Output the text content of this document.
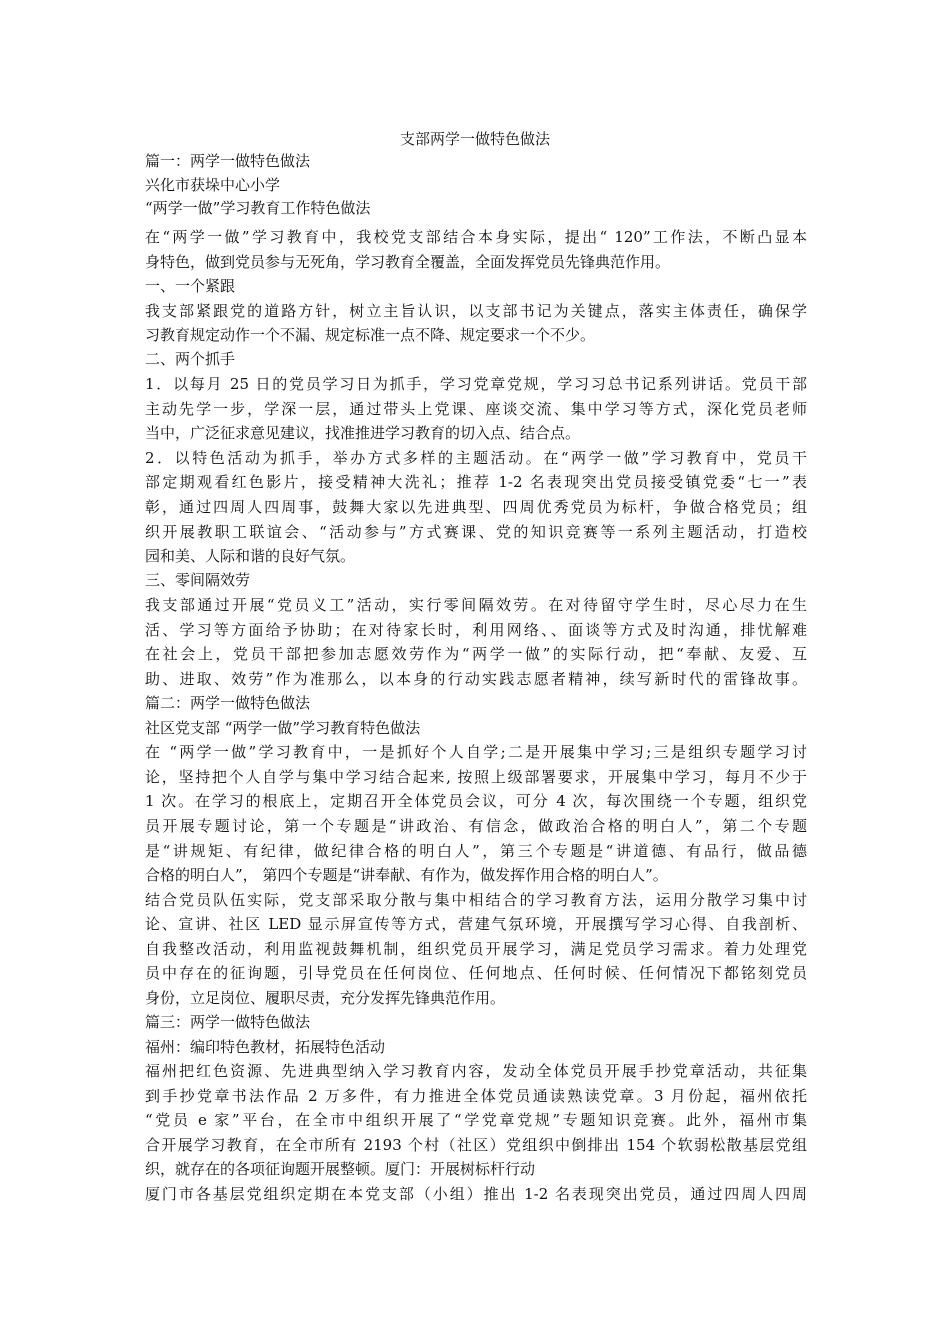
支部两学一做特色做法
篇一：两学一做特色做法
兴化市获垛中心小学
“两学一做”学习教育工作特色做法
在“两学一做”学习教育中，我校党支部结合本身实际，提出“ 120”工作法，不断凸显本
身特色，做到党员参与无死角，学习教育全覆盖，全面发挥党员先锋典范作用。
一、一个紧跟
我支部紧跟党的道路方针，树立主旨认识，以支部书记为关键点，落实主体责任，确保学
习教育规定动作一个不漏、规定标准一点不降、规定要求一个不少。
二、两个抓手
1．以每月 25 日的党员学习日为抓手，学习党章党规，学习习总书记系列讲话。党员干部
主动先学一步，学深一层，通过带头上党课、座谈交流、集中学习等方式，深化党员老师
当中，广泛征求意见建议，找准推进学习教育的切入点、结合点。
2．以特色活动为抓手，举办方式多样的主题活动。在“两学一做”学习教育中，党员干
部定期观看红色影片，接受精神大洗礼；推荐 1-2 名表现突出党员接受镇党委“七一”表
彰，通过四周人四周事，鼓舞大家以先进典型、四周优秀党员为标杆，争做合格党员；组
织开展教职工联谊会、“活动参与”方式赛课、党的知识竞赛等一系列主题活动，打造校
园和美、人际和谐的良好气氛。
三、零间隔效劳
我支部通过开展“党员义工”活动，实行零间隔效劳。在对待留守学生时，尽心尽力在生
活、学习等方面给予协助；在对待家长时，利用网络、、面谈等方式及时沟通，排忧解难
在社会上，党员干部把参加志愿效劳作为“两学一做”的实际行动，把“奉献、友爱、互
助、进取、效劳”作为准那么，以本身的行动实践志愿者精神，续写新时代的雷锋故事。
篇二：两学一做特色做法
社区党支部 “两学一做”学习教育特色做法
在 “两学一做”学习教育中，一是抓好个人自学;二是开展集中学习;三是组织专题学习讨
论，坚持把个人自学与集中学习结合起来, 按照上级部署要求，开展集中学习，每月不少于
1 次。在学习的根底上，定期召开全体党员会议，可分 4 次，每次围绕一个专题，组织党
员开展专题讨论，第一个专题是“讲政治、有信念，做政治合格的明白人”，第二个专题
是“讲规矩、有纪律，做纪律合格的明白人”，第三个专题是“讲道德、有品行，做品德
合格的明白人”， 第四个专题是“讲奉献、有作为，做发挥作用合格的明白人”。
结合党员队伍实际，党支部采取分散与集中相结合的学习教育方法，运用分散学习集中讨
论、宣讲、社区 LED 显示屏宣传等方式，营建气氛环境，开展撰写学习心得、自我剖析、
自我整改活动，利用监视鼓舞机制，组织党员开展学习，满足党员学习需求。着力处理党
员中存在的征询题，引导党员在任何岗位、任何地点、任何时候、任何情况下都铭刻党员
身份，立足岗位、履职尽责，充分发挥先锋典范作用。
篇三：两学一做特色做法
福州：编印特色教材，拓展特色活动
福州把红色资源、先进典型纳入学习教育内容，发动全体党员开展手抄党章活动，共征集
到手抄党章书法作品 2 万多件，有力推进全体党员通读熟读党章。3 月份起，福州依托
“党员 e 家”平台，在全市中组织开展了“学党章党规”专题知识竞赛。此外，福州市集
合开展学习教育，在全市所有 2193 个村（社区）党组织中倒排出 154 个软弱松散基层党组
织，就存在的各项征询题开展整顿。厦门：开展树标杆行动
厦门市各基层党组织定期在本党支部（小组）推出 1-2 名表现突出党员，通过四周人四周
